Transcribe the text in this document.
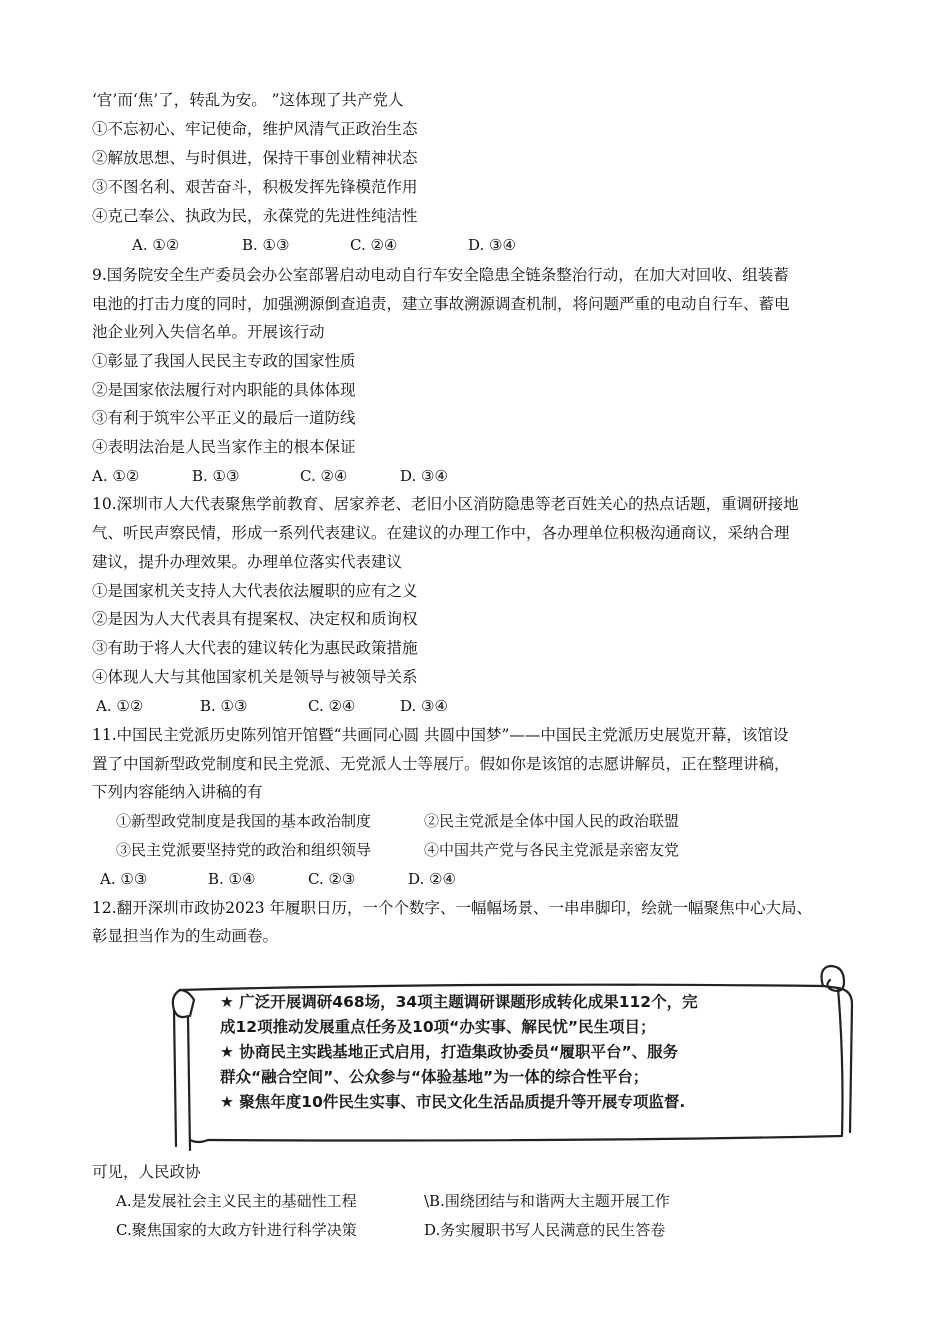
‘官’而‘焦’了，转乱为安。 ”这体现了共产党人
①不忘初心、牢记使命，维护风清气正政治生态
②解放思想、与时俱进，保持干事创业精神状态
③不图名利、艰苦奋斗，积极发挥先锋模范作用
④克己奉公、执政为民，永葆党的先进性纯洁性
A. ①②	B. ①③	C. ②④	D. ③④
9.国务院安全生产委员会办公室部署启动电动自行车安全隐患全链条整治行动，在加大对回收、组装蓄
电池的打击力度的同时，加强溯源倒查追责，建立事故溯源调查机制，将问题严重的电动自行车、蓄电
池企业列入失信名单。开展该行动
①彰显了我国人民民主专政的国家性质
②是国家依法履行对内职能的具体体现
③有利于筑牢公平正义的最后一道防线
④表明法治是人民当家作主的根本保证
A. ①②	B. ①③	C. ②④	D. ③④
10.深圳市人大代表聚焦学前教育、居家养老、老旧小区消防隐患等老百姓关心的热点话题，重调研接地
气、听民声察民情，形成一系列代表建议。在建议的办理工作中，各办理单位积极沟通商议，采纳合理
建议，提升办理效果。办理单位落实代表建议
①是国家机关支持人大代表依法履职的应有之义
②是因为人大代表具有提案权、决定权和质询权
③有助于将人大代表的建议转化为惠民政策措施
④体现人大与其他国家机关是领导与被领导关系
A. ①②	B. ①③	C. ②④	D. ③④
11.中国民主党派历史陈列馆开馆暨“共画同心圆 共圆中国梦”——中国民主党派历史展览开幕，该馆设
置了中国新型政党制度和民主党派、无党派人士等展厅。假如你是该馆的志愿讲解员，正在整理讲稿，
下列内容能纳入讲稿的有
①新型政党制度是我国的基本政治制度	②民主党派是全体中国人民的政治联盟
③民主党派要坚持党的政治和组织领导	④中国共产党与各民主党派是亲密友党
A. ①③	B. ①④	C. ②③	D. ②④
12.翻开深圳市政协2023 年履职日历，一个个数字、一幅幅场景、一串串脚印，绘就一幅聚焦中心大局、
彰显担当作为的生动画卷。
★ 广泛开展调研468场，34项主题调研课题形成转化成果112个，完
成12项推动发展重点任务及10项“办实事、解民忧”民生项目；
★ 协商民主实践基地正式启用，打造集政协委员“履职平台”、服务
群众“融合空间”、公众参与“体验基地”为一体的综合性平台；
★ 聚焦年度10件民生实事、市民文化生活品质提升等开展专项监督.
可见，人民政协
A.是发展社会主义民主的基础性工程	\B.围绕团结与和谐两大主题开展工作
C.聚焦国家的大政方针进行科学决策	D.务实履职书写人民满意的民生答卷
